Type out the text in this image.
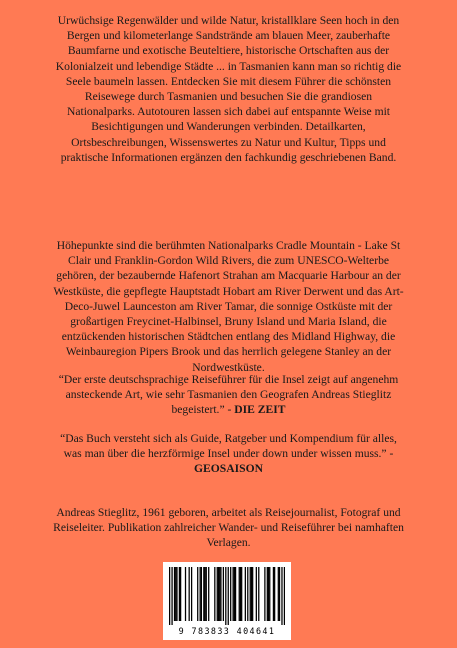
Urwüchsige Regenwälder und wilde Natur, kristallklare Seen hoch in den Bergen und kilometerlange Sandstrände am blauen Meer, zauberhafte Baumfarne und exotische Beuteltiere, historische Ortschaften aus der Kolonialzeit und lebendige Städte ... in Tasmanien kann man so richtig die Seele baumeln lassen. Entdecken Sie mit diesem Führer die schönsten Reisewege durch Tasmanien und besuchen Sie die grandiosen Nationalparks. Autotouren lassen sich dabei auf entspannte Weise mit Besichtigungen und Wanderungen verbinden. Detailkarten, Ortsbeschreibungen, Wissenswertes zu Natur und Kultur, Tipps und praktische Informationen ergänzen den fachkundig geschriebenen Band.

Höhepunkte sind die berühmten Nationalparks Cradle Mountain - Lake St Clair und Franklin-Gordon Wild Rivers, die zum UNESCO-Welterbe gehören, der bezaubernde Hafenort Strahan am Macquarie Harbour an der Westküste, die gepflegte Hauptstadt Hobart am River Derwent und das Art-Deco-Juwel Launceston am River Tamar, die sonnige Ostküste mit der großartigen Freycinet-Halbinsel, Bruny Island und Maria Island, die entzückenden historischen Städtchen entlang des Midland Highway, die Weinbauregion Pipers Brook und das herrlich gelegene Stanley an der Nordwestküste.

“Der erste deutschsprachige Reiseführer für die Insel zeigt auf angenehm ansteckende Art, wie sehr Tasmanien den Geografen Andreas Stieglitz begeistert.” - DIE ZEIT

“Das Buch versteht sich als Guide, Ratgeber und Kompendium für alles, was man über die herzförmige Insel under down under wissen muss.” - GEOSAISON

Andreas Stieglitz, 1961 geboren, arbeitet als Reisejournalist, Fotograf und Reiseleiter. Publikation zahlreicher Wander- und Reiseführer bei namhaften Verlagen.

9 783833 404641
